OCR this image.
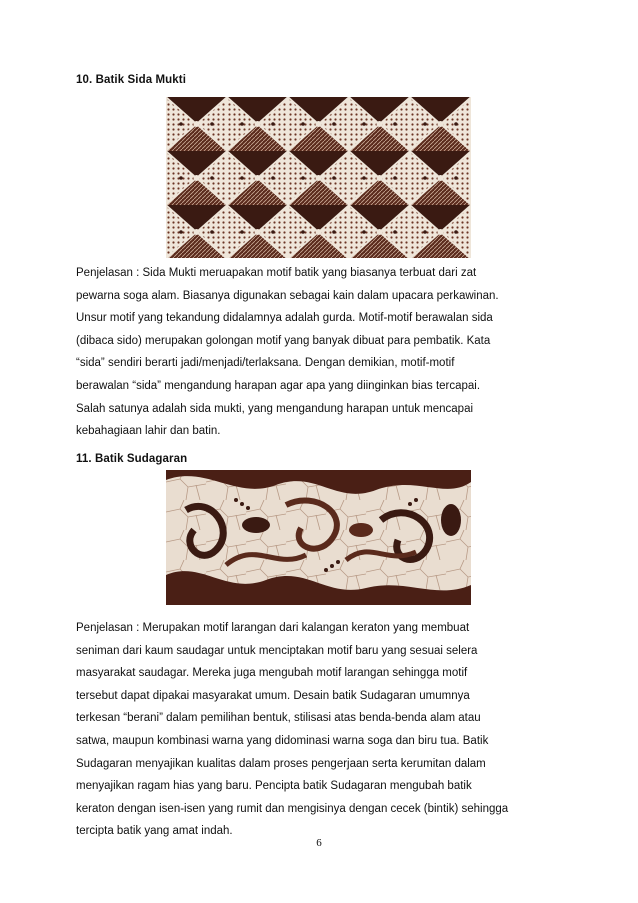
10. Batik Sida Mukti
Penjelasan : Sida Mukti meruapakan motif batik yang biasanya terbuat dari zat
pewarna soga alam. Biasanya digunakan sebagai kain dalam upacara perkawinan.
Unsur motif yang tekandung didalamnya adalah gurda. Motif-motif berawalan sida
(dibaca sido) merupakan golongan motif yang banyak dibuat para pembatik. Kata
“sida” sendiri berarti jadi/menjadi/terlaksana. Dengan demikian, motif-motif
berawalan “sida” mengandung harapan agar apa yang diinginkan bias tercapai.
Salah satunya adalah sida mukti, yang mengandung harapan untuk mencapai
kebahagiaan lahir dan batin.
11. Batik Sudagaran
Penjelasan : Merupakan motif larangan dari kalangan keraton yang membuat
seniman dari kaum saudagar untuk menciptakan motif baru yang sesuai selera
masyarakat saudagar. Mereka juga mengubah motif larangan sehingga motif
tersebut dapat dipakai masyarakat umum. Desain batik Sudagaran umumnya
terkesan “berani” dalam pemilihan bentuk, stilisasi atas benda-benda alam atau
satwa, maupun kombinasi warna yang didominasi warna soga dan biru tua. Batik
Sudagaran menyajikan kualitas dalam proses pengerjaan serta kerumitan dalam
menyajikan ragam hias yang baru. Pencipta batik Sudagaran mengubah batik
keraton dengan isen-isen yang rumit dan mengisinya dengan cecek (bintik) sehingga
tercipta batik yang amat indah.
6
